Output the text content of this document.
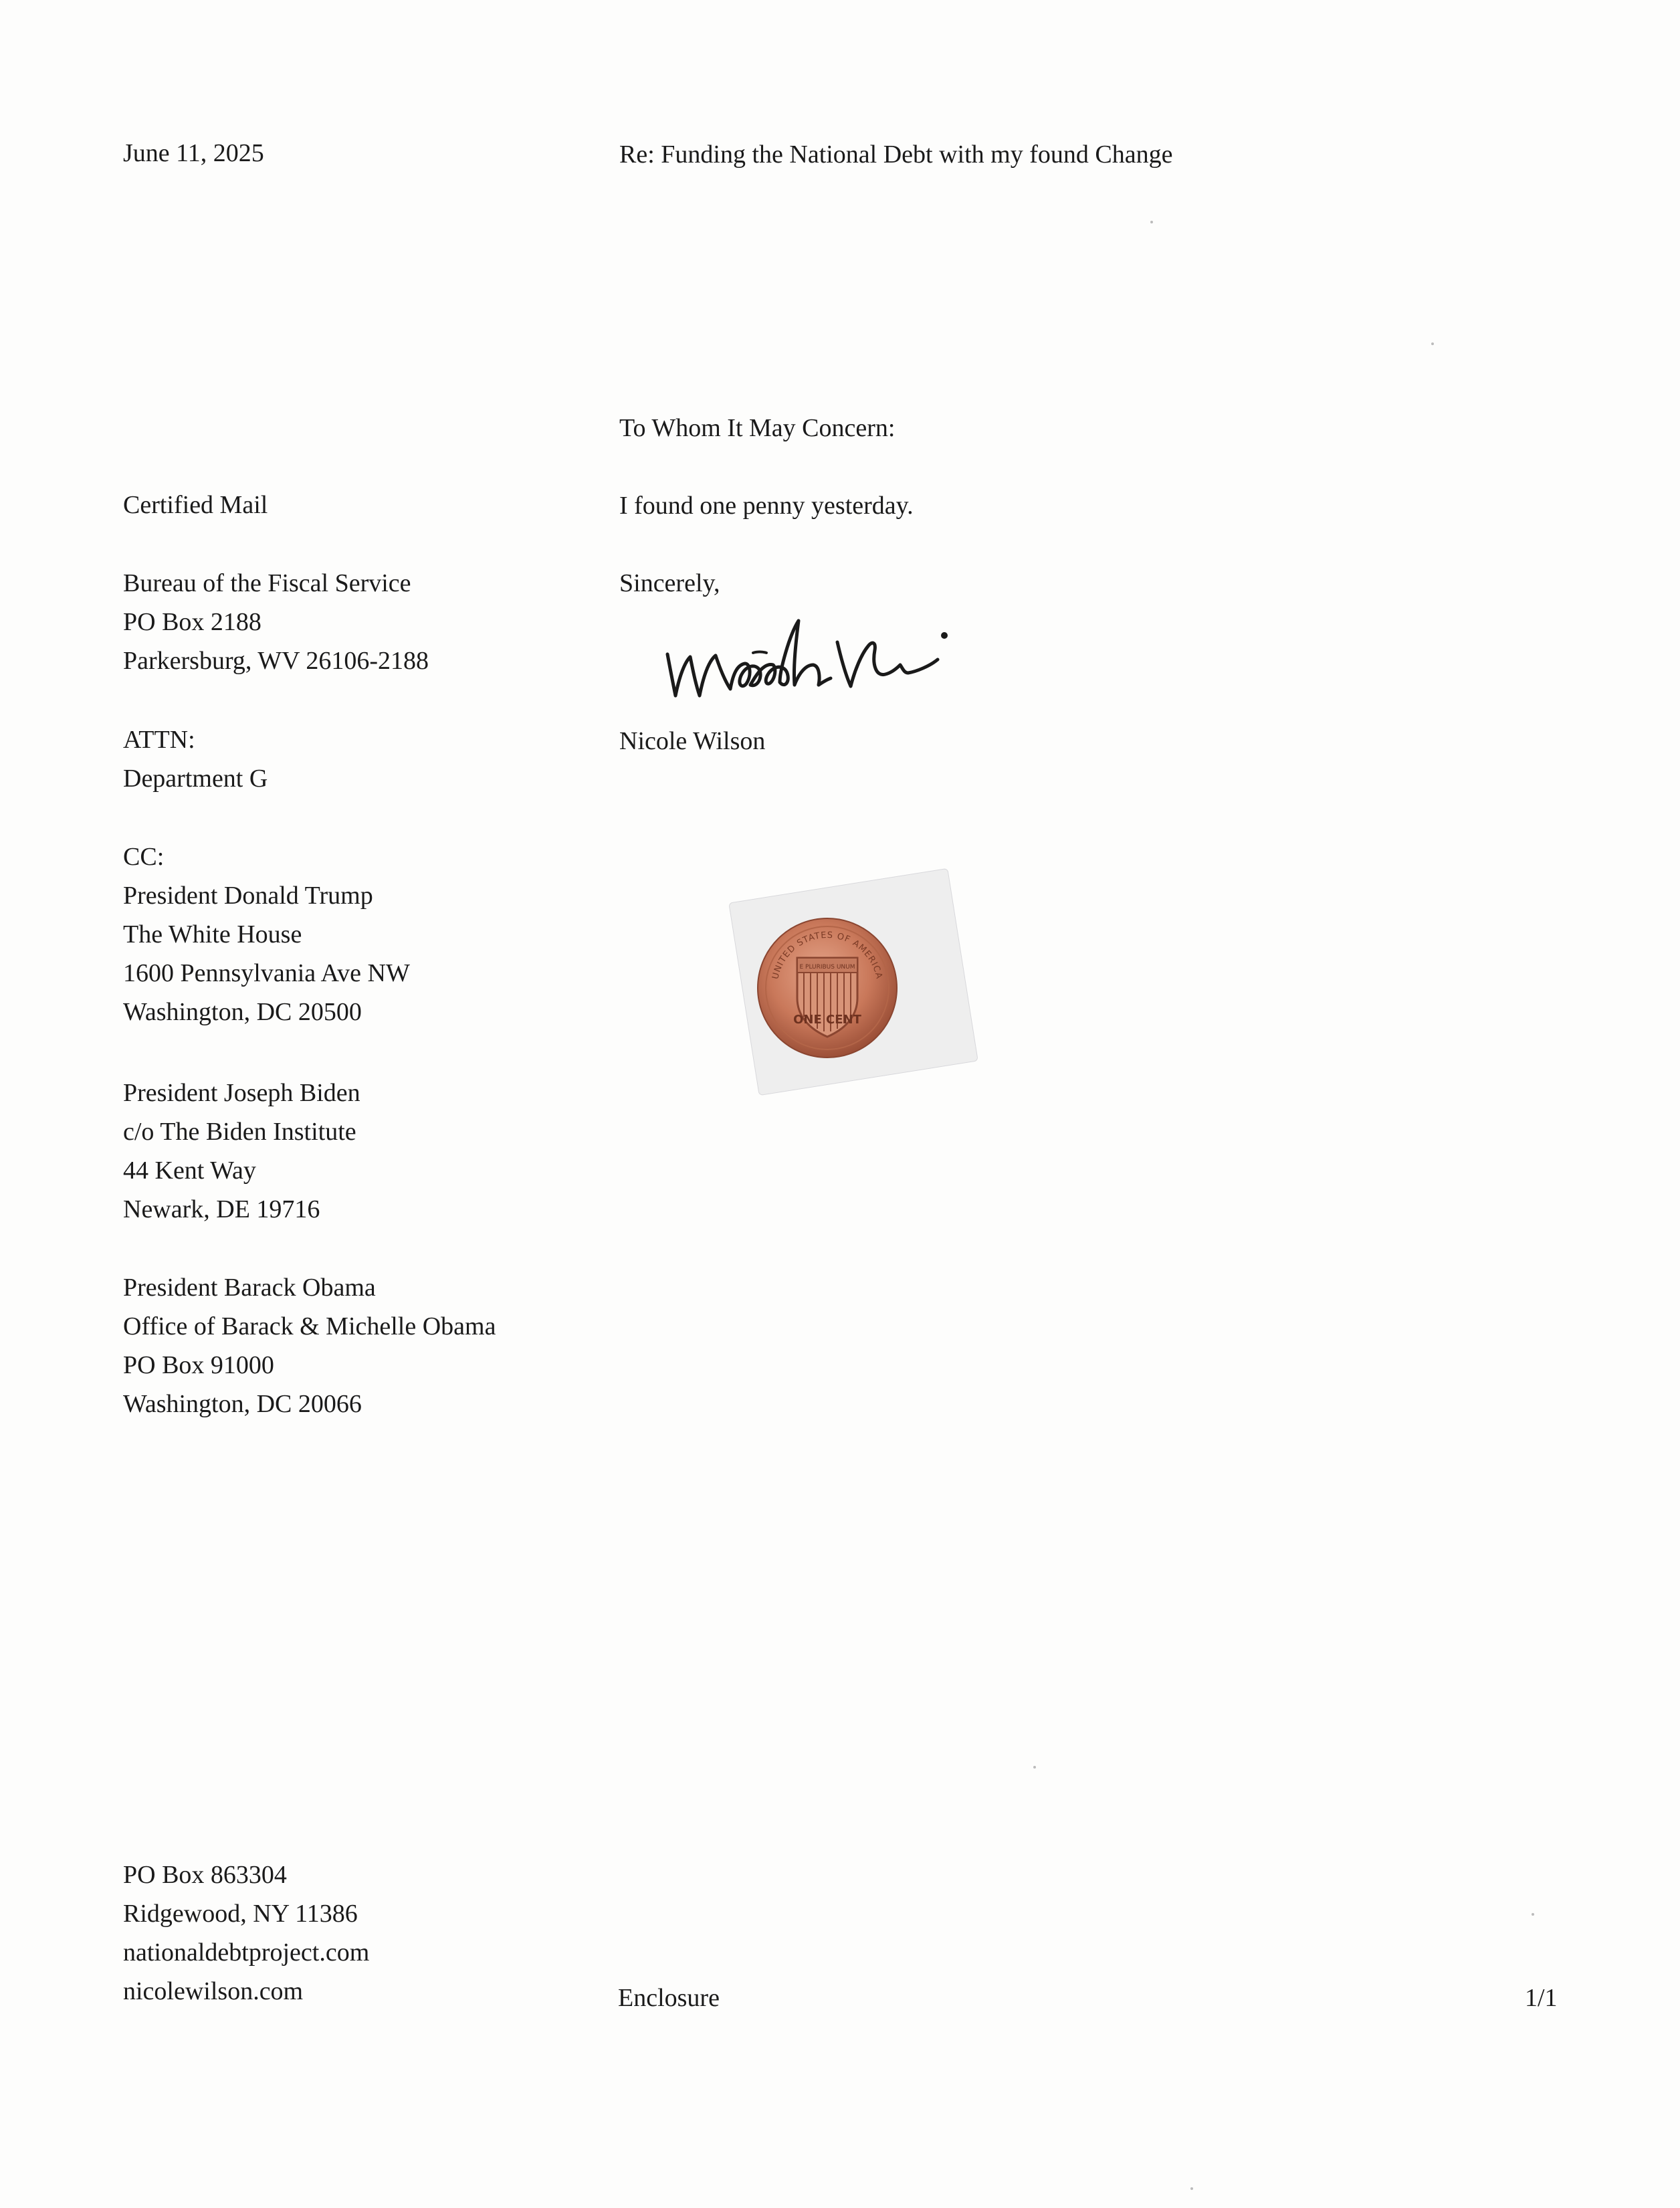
June 11, 2025	Re: Funding the National Debt with my found Change
To Whom It May Concern:
I found one penny yesterday.
Sincerely,
Nicole Wilson
Certified Mail
Bureau of the Fiscal Service
PO Box 2188
Parkersburg, WV 26106-2188
ATTN:
Department G
CC:
President Donald Trump
The White House
1600 Pennsylvania Ave NW
Washington, DC 20500
President Joseph Biden
c/o The Biden Institute
44 Kent Way
Newark, DE 19716
President Barack Obama
Office of Barack & Michelle Obama
PO Box 91000
Washington, DC 20066
UNITED STATES OF AMERICA
E PLURIBUS UNUM
ONE CENT
PO Box 863304
Ridgewood, NY 11386
nationaldebtproject.com
nicolewilson.com	Enclosure	1/1
